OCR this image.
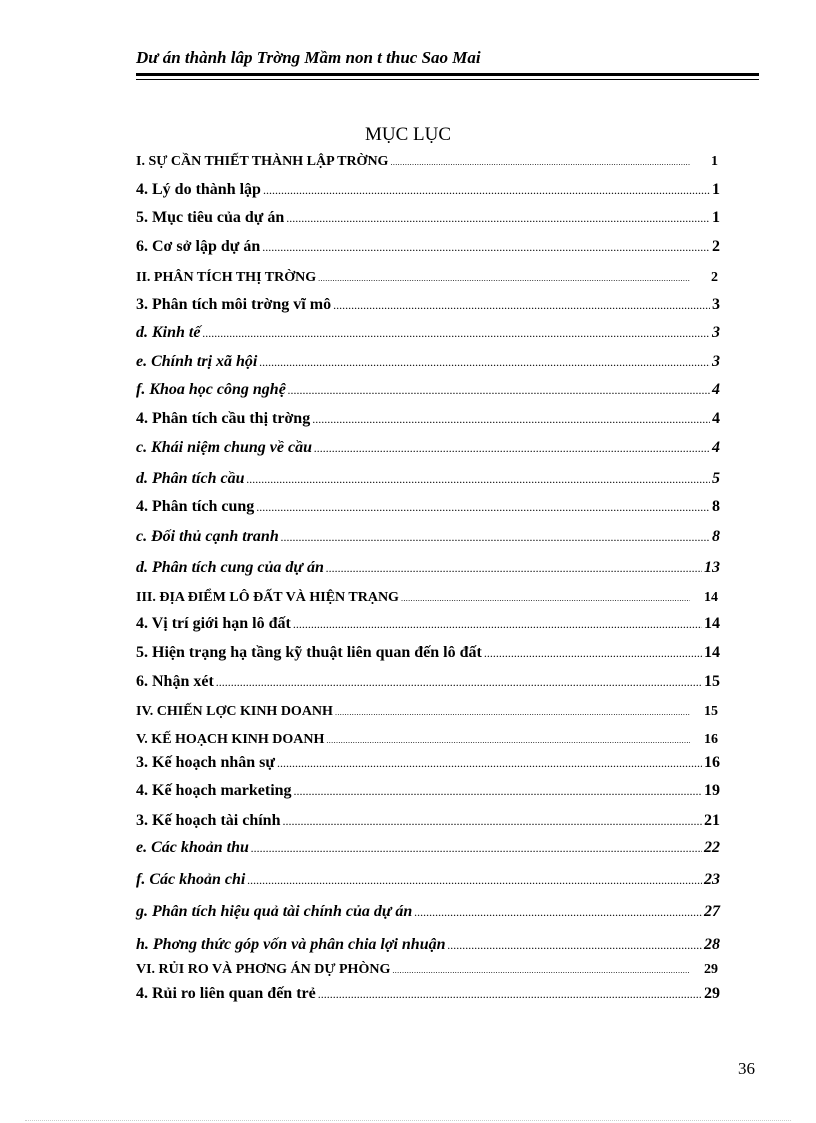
Dư án thành lâp Trờng Mầm non t thuc Sao Mai
MỤC LỤC
I. SỰ CẦN THIẾT THÀNH LẬP TRỜNG .....	1
4. Lý do thành lập .....	1
5. Mục tiêu của dự án .....	1
6. Cơ sở lập dự án .....	2
II. PHÂN TÍCH THỊ TRỜNG .....	2
3. Phân tích môi trờng vĩ mô .....	3
d. Kinh tế .....	3
e. Chính trị xã hội .....	3
f. Khoa học công nghệ .....	4
4. Phân tích cầu thị trờng .....	4
c. Khái niệm chung về cầu .....	4
d. Phân tích cầu .....	5
4. Phân tích cung .....	8
c. Đối thủ cạnh tranh .....	8
d. Phân tích cung của dự án .....	13
III. ĐỊA ĐIỂM LÔ ĐẤT VÀ HIỆN TRẠNG .....	14
4. Vị trí giới hạn lô đất .....	14
5. Hiện trạng hạ tầng kỹ thuật liên quan đến lô đất .....	14
6. Nhận xét .....	15
IV. CHIẾN LỢC KINH DOANH .....	15
V. KẾ HOẠCH KINH DOANH .....	16
3. Kế hoạch nhân sự .....	16
4. Kế hoạch marketing .....	19
3. Kế hoạch tài chính .....	21
e. Các khoản thu .....	22
f. Các khoản chi .....	23
g. Phân tích hiệu quả tài chính của dự án .....	27
h. Phơng thức góp vốn và phân chia lợi nhuận .....	28
VI. RỦI RO VÀ PHƠNG ÁN DỰ PHÒNG .....	29
4. Rủi ro liên quan đến trẻ .....	29
36
